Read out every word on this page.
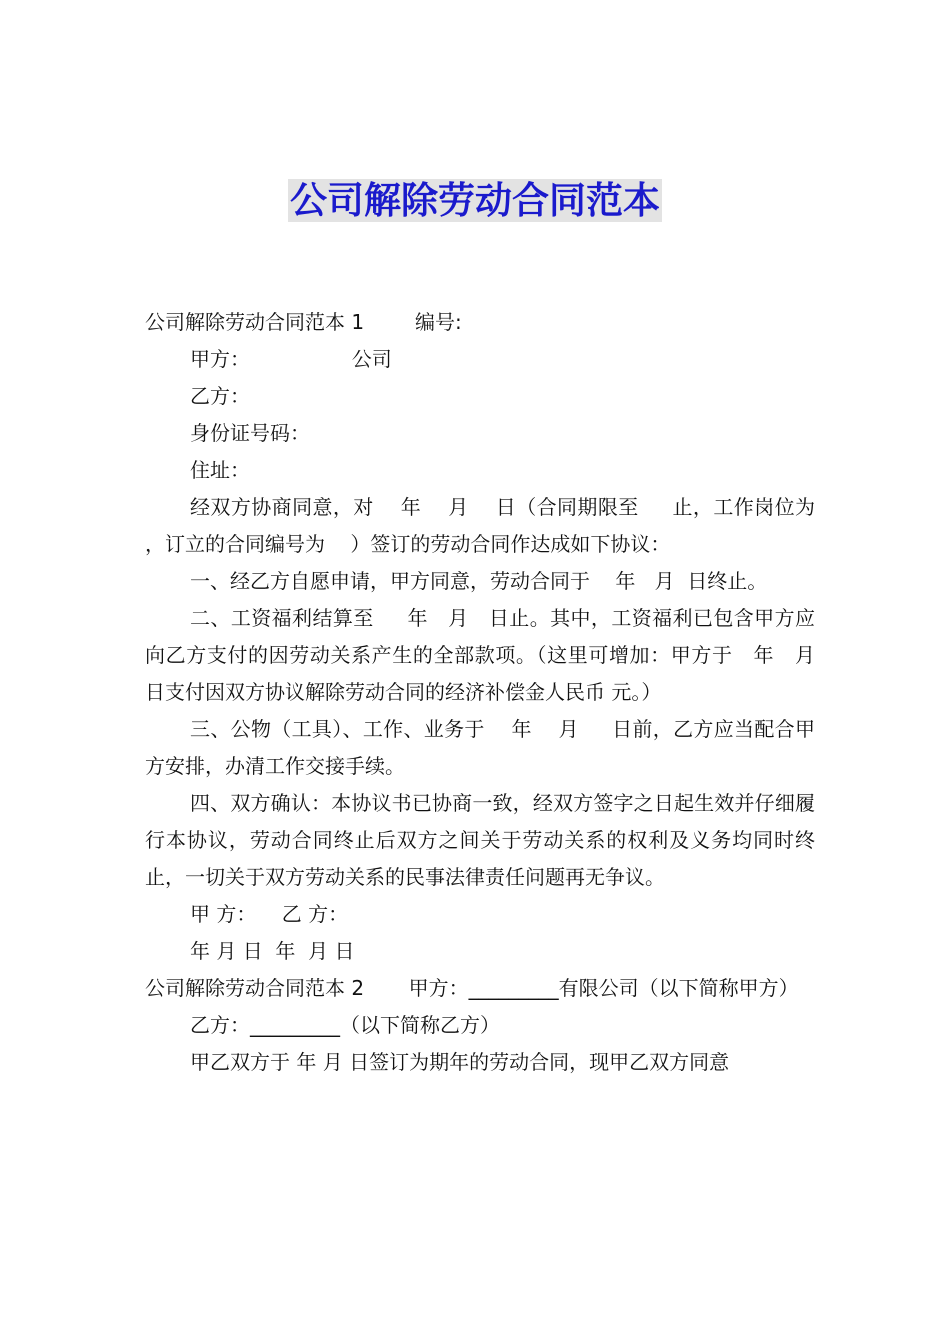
公司解除劳动合同范本

公司解除劳动合同范本 1        编号:

甲方：                公司

乙方：

身份证号码：

住址：

经双方协商同意，对    年    月    日（合同期限至     止，工作岗位为   ，订立的合同编号为    ）签订的劳动合同作达成如下协议：

一、经乙方自愿申请，甲方同意，劳动合同于    年   月  日终止。

二、工资福利结算至     年   月   日止。其中，工资福利已包含甲方应向乙方支付的因劳动关系产生的全部款项。（这里可增加：甲方于   年   月   日支付因双方协议解除劳动合同的经济补偿金人民币 元。）

三、公物（工具）、工作、业务于    年    月     日前，乙方应当配合甲方安排，办清工作交接手续。

四、双方确认：本协议书已协商一致，经双方签字之日起生效并仔细履行本协议，劳动合同终止后双方之间关于劳动关系的权利及义务均同时终止，一切关于双方劳动关系的民事法律责任问题再无争议。

甲 方：    乙 方：

年 月 日  年  月 日

公司解除劳动合同范本 2       甲方：_________有限公司（以下简称甲方）

乙方：_________（以下简称乙方）

甲乙双方于 年 月 日签订为期年的劳动合同，现甲乙双方同意
